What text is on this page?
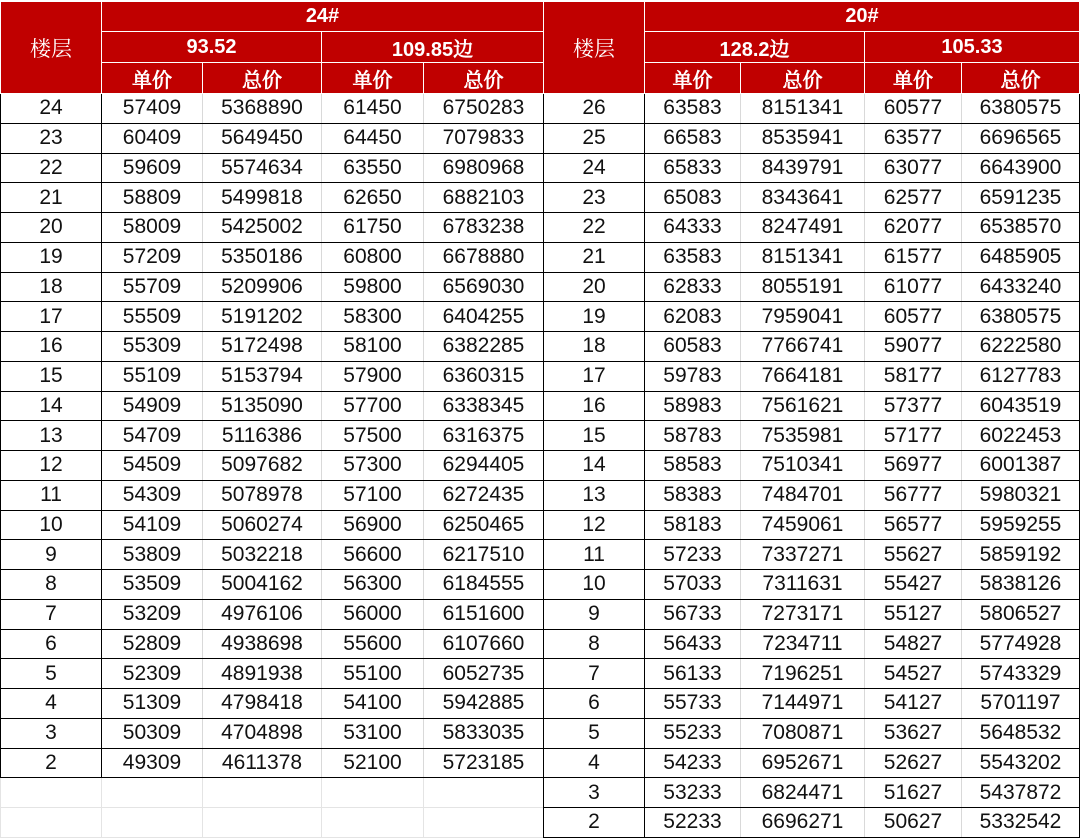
楼层	24#			
	93.52		109.85边	
	单价	总价	单价	总价
24	57409	5368890	61450	6750283
23	60409	5649450	64450	7079833
22	59609	5574634	63550	6980968
21	58809	5499818	62650	6882103
20	58009	5425002	61750	6783238
19	57209	5350186	60800	6678880
18	55709	5209906	59800	6569030
17	55509	5191202	58300	6404255
16	55309	5172498	58100	6382285
15	55109	5153794	57900	6360315
14	54909	5135090	57700	6338345
13	54709	5116386	57500	6316375
12	54509	5097682	57300	6294405
11	54309	5078978	57100	6272435
10	54109	5060274	56900	6250465
9	53809	5032218	56600	6217510
8	53509	5004162	56300	6184555
7	53209	4976106	56000	6151600
6	52809	4938698	55600	6107660
5	52309	4891938	55100	6052735
4	51309	4798418	54100	5942885
3	50309	4704898	53100	5833035
2	49309	4611378	52100	5723185

楼层	20#			
	128.2边		105.33	
	单价	总价	单价	总价
26	63583	8151341	60577	6380575
25	66583	8535941	63577	6696565
24	65833	8439791	63077	6643900
23	65083	8343641	62577	6591235
22	64333	8247491	62077	6538570
21	63583	8151341	61577	6485905
20	62833	8055191	61077	6433240
19	62083	7959041	60577	6380575
18	60583	7766741	59077	6222580
17	59783	7664181	58177	6127783
16	58983	7561621	57377	6043519
15	58783	7535981	57177	6022453
14	58583	7510341	56977	6001387
13	58383	7484701	56777	5980321
12	58183	7459061	56577	5959255
11	57233	7337271	55627	5859192
10	57033	7311631	55427	5838126
9	56733	7273171	55127	5806527
8	56433	7234711	54827	5774928
7	56133	7196251	54527	5743329
6	55733	7144971	54127	5701197
5	55233	7080871	53627	5648532
4	54233	6952671	52627	5543202
3	53233	6824471	51627	5437872
2	52233	6696271	50627	5332542
